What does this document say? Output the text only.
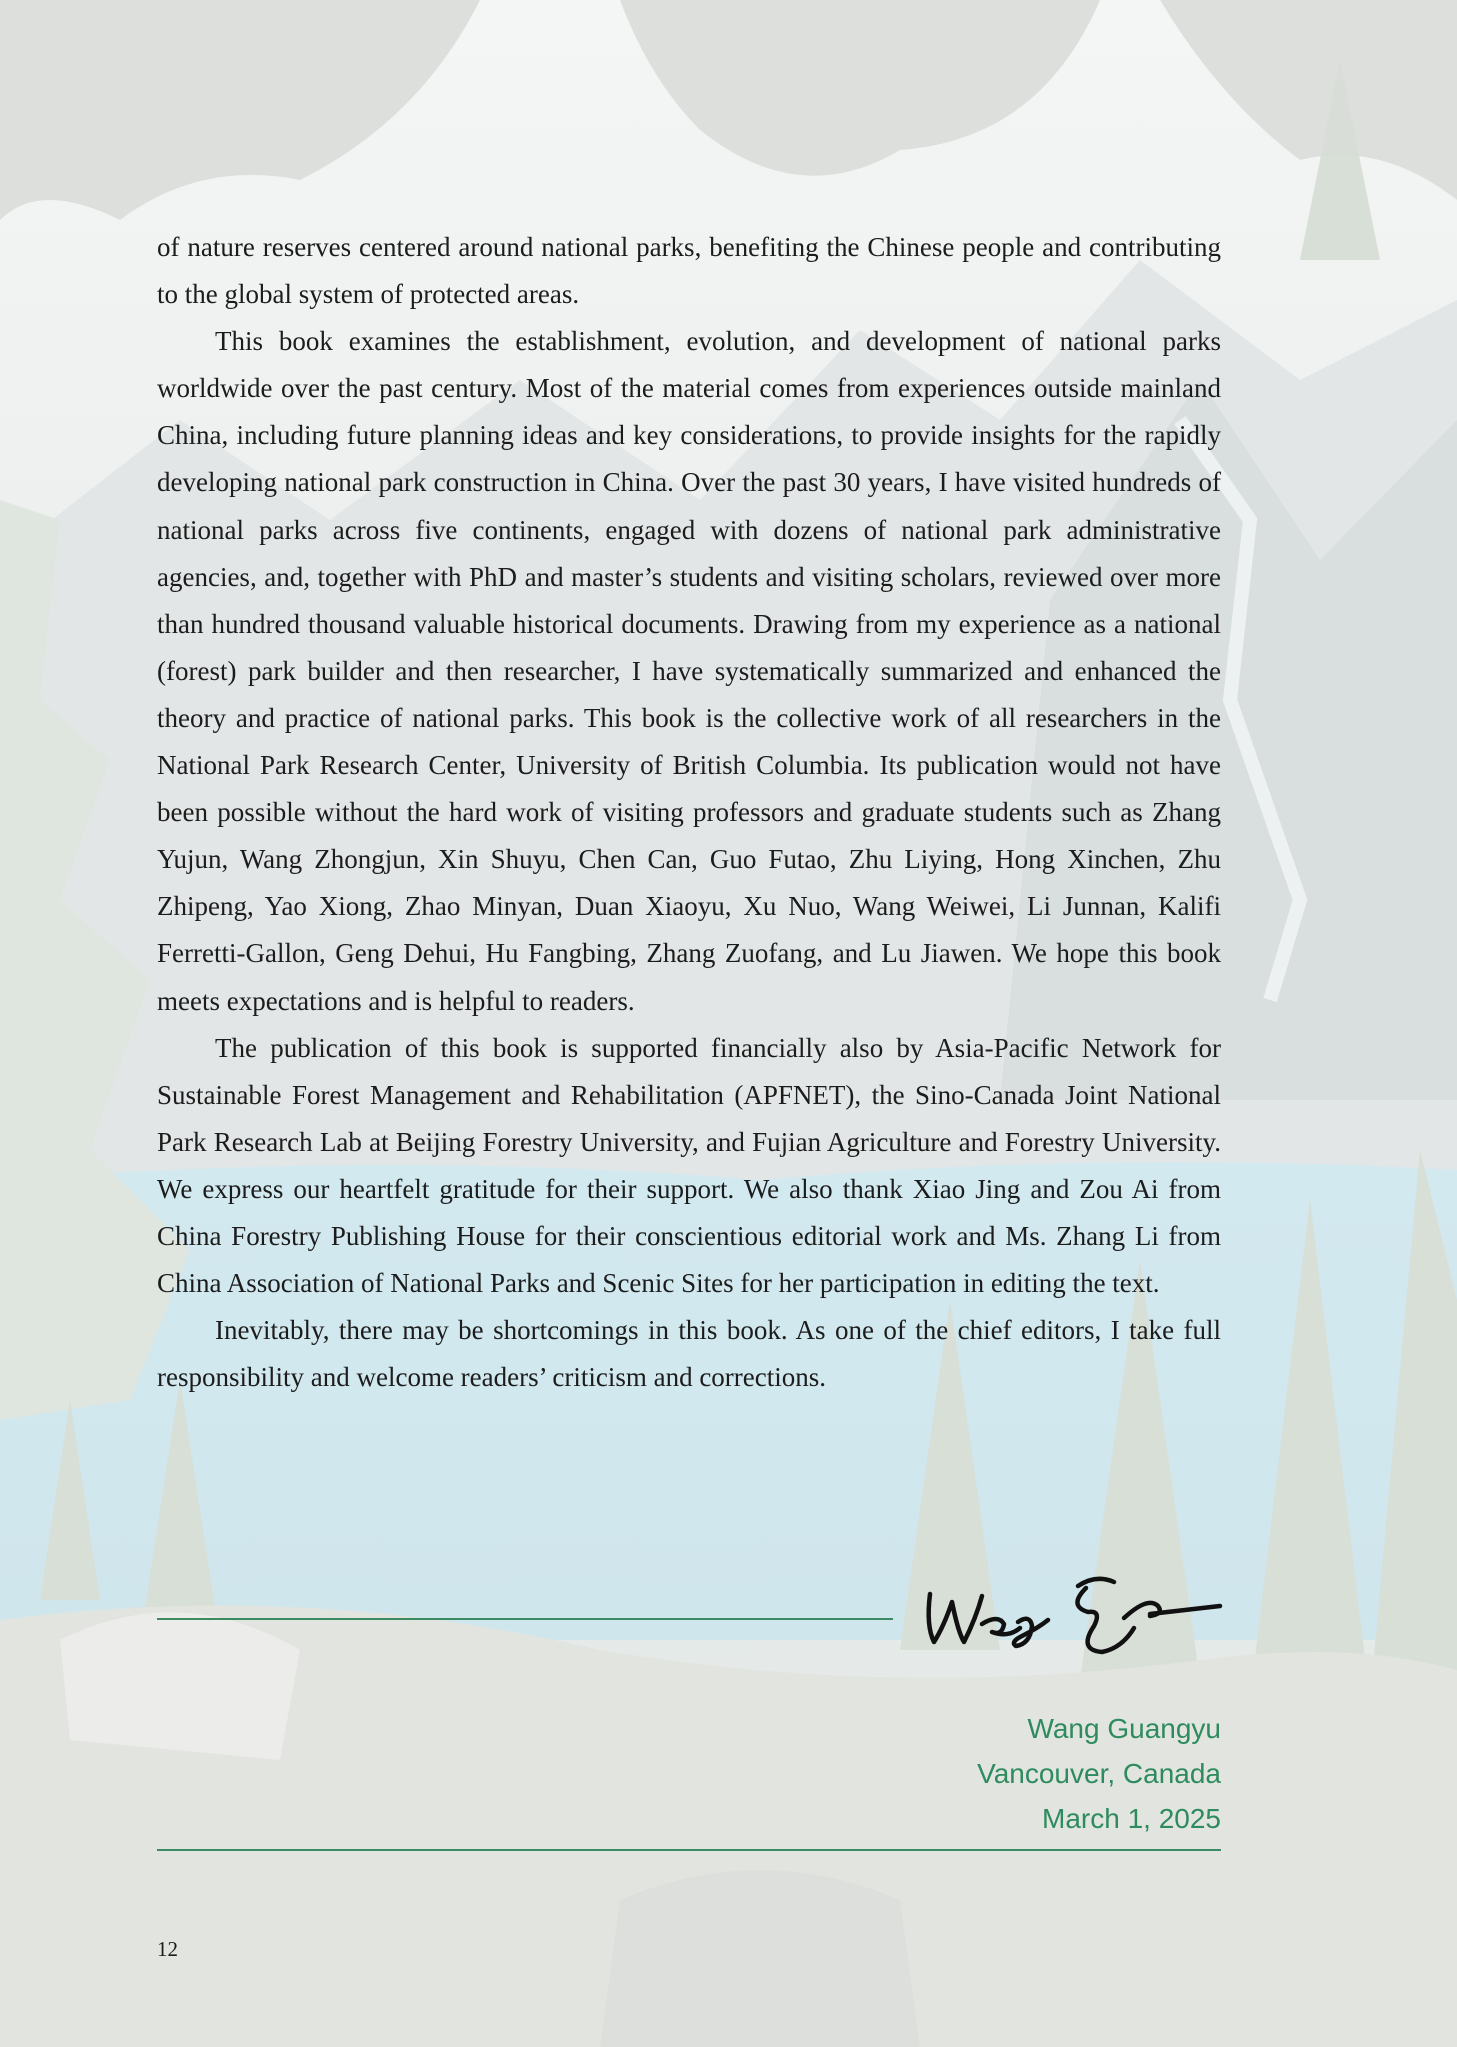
of nature reserves centered around national parks, benefiting the Chinese people and contributing to the global system of protected areas.

This book examines the establishment, evolution, and development of national parks worldwide over the past century. Most of the material comes from experiences outside mainland China, including future planning ideas and key considerations, to provide insights for the rapidly developing national park construction in China. Over the past 30 years, I have visited hundreds of national parks across five continents, engaged with dozens of national park administrative agencies, and, together with PhD and master’s students and visiting scholars, reviewed over more than hundred thousand valuable historical documents. Drawing from my experience as a national (forest) park builder and then researcher, I have systematically summarized and enhanced the theory and practice of national parks. This book is the collective work of all researchers in the National Park Research Center, University of British Columbia. Its publication would not have been possible without the hard work of visiting professors and graduate students such as Zhang Yujun, Wang Zhongjun, Xin Shuyu, Chen Can, Guo Futao, Zhu Liying, Hong Xinchen, Zhu Zhipeng, Yao Xiong, Zhao Minyan, Duan Xiaoyu, Xu Nuo, Wang Weiwei, Li Junnan, Kalifi Ferretti-Gallon, Geng Dehui, Hu Fangbing, Zhang Zuofang, and Lu Jiawen. We hope this book meets expectations and is helpful to readers.

The publication of this book is supported financially also by Asia-Pacific Network for Sustainable Forest Management and Rehabilitation (APFNET), the Sino-Canada Joint National Park Research Lab at Beijing Forestry University, and Fujian Agriculture and Forestry University. We express our heartfelt gratitude for their support. We also thank Xiao Jing and Zou Ai from China Forestry Publishing House for their conscientious editorial work and Ms. Zhang Li from China Association of National Parks and Scenic Sites for her participation in editing the text.

Inevitably, there may be shortcomings in this book. As one of the chief editors, I take full responsibility and welcome readers’ criticism and corrections.

Wang Guangyu
Vancouver, Canada
March 1, 2025
12
